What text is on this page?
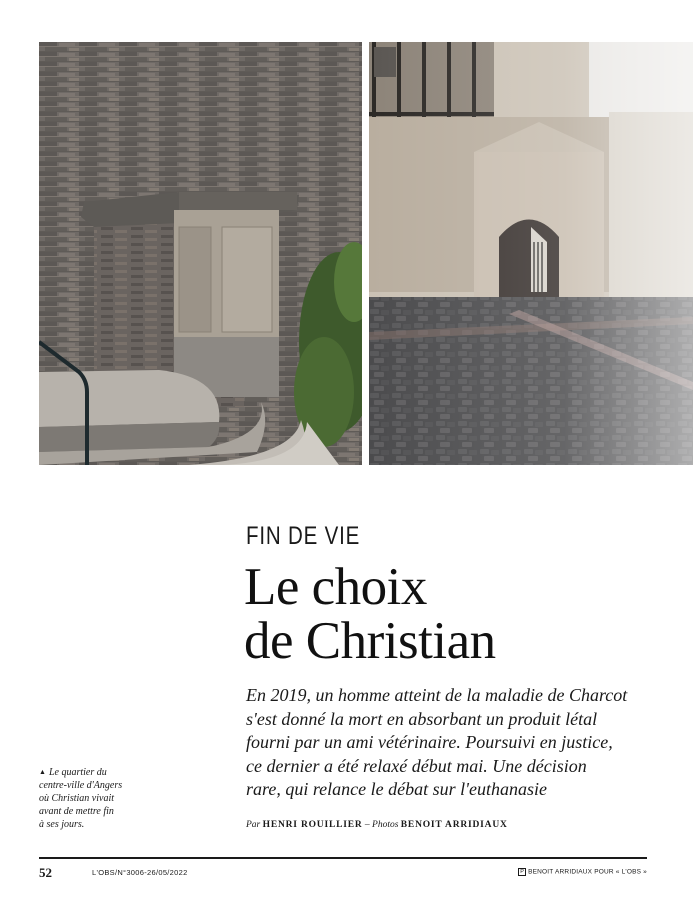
FIN DE VIE
Le choix
de Christian

En 2019, un homme atteint de la maladie de Charcot
s'est donné la mort en absorbant un produit létal
fourni par un ami vétérinaire. Poursuivi en justice,
ce dernier a été relaxé début mai. Une décision
rare, qui relance le débat sur l'euthanasie

Par HENRI ROUILLIER – Photos BENOIT ARRIDIAUX
▲ Le quartier du
centre-ville d'Angers
où Christian vivait
avant de mettre fin
à ses jours.
52	L'OBS/N°3006-26/05/2022	P BENOIT ARRIDIAUX POUR « L'OBS »
